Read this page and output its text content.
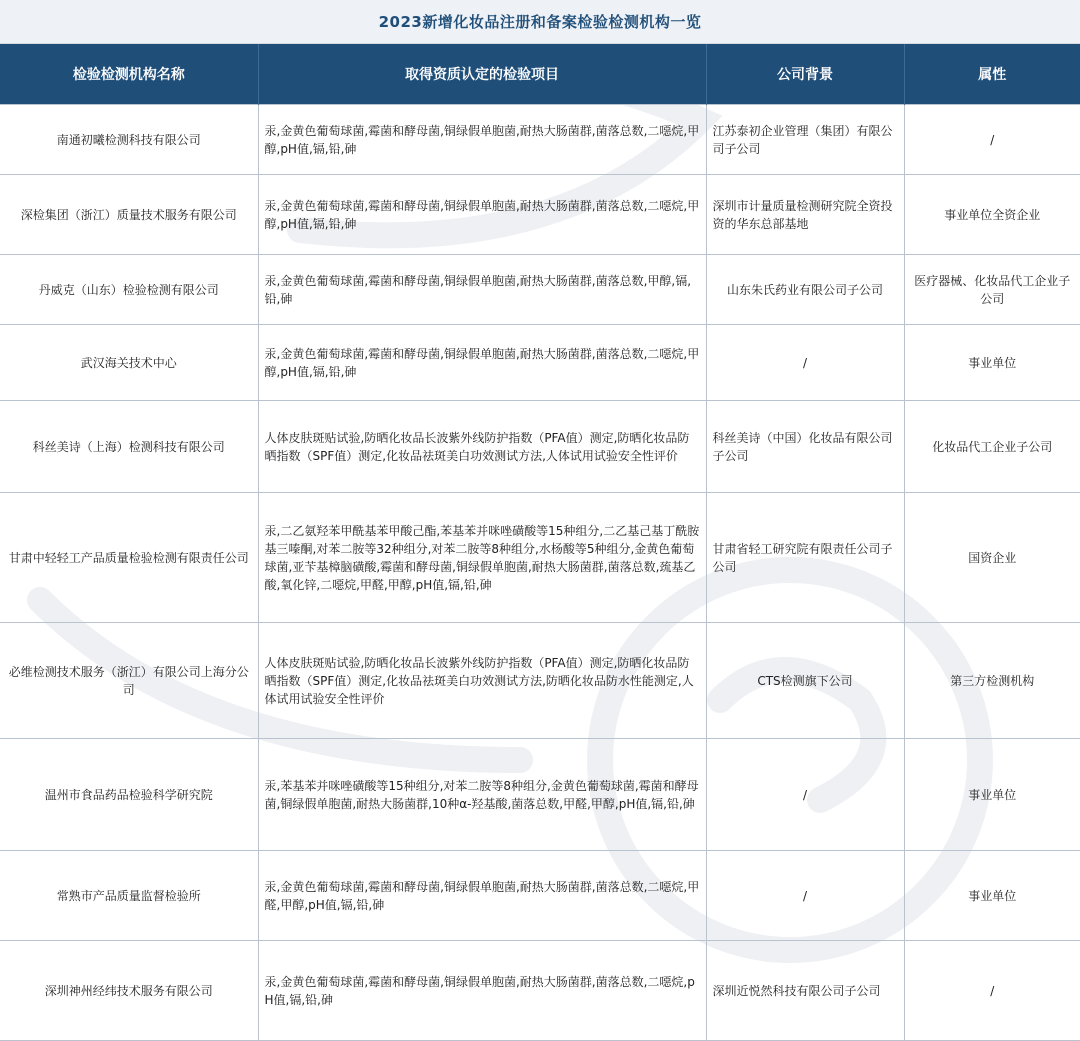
2023新增化妆品注册和备案检验检测机构一览
检验检测机构名称	取得资质认定的检验项目	公司背景	属性
南通初曦检测科技有限公司	汞,金黄色葡萄球菌,霉菌和酵母菌,铜绿假单胞菌,耐热大肠菌群,菌落总数,二噁烷,甲醇,pH值,镉,铅,砷	江苏泰初企业管理（集团）有限公司子公司	/
深检集团（浙江）质量技术服务有限公司	汞,金黄色葡萄球菌,霉菌和酵母菌,铜绿假单胞菌,耐热大肠菌群,菌落总数,二噁烷,甲醇,pH值,镉,铅,砷	深圳市计量质量检测研究院全资投资的华东总部基地	事业单位全资企业
丹威克（山东）检验检测有限公司	汞,金黄色葡萄球菌,霉菌和酵母菌,铜绿假单胞菌,耐热大肠菌群,菌落总数,甲醇,镉,铅,砷	山东朱氏药业有限公司子公司	医疗器械、化妆品代工企业子公司
武汉海关技术中心	汞,金黄色葡萄球菌,霉菌和酵母菌,铜绿假单胞菌,耐热大肠菌群,菌落总数,二噁烷,甲醇,pH值,镉,铅,砷	/	事业单位
科丝美诗（上海）检测科技有限公司	人体皮肤斑贴试验,防晒化妆品长波紫外线防护指数（PFA值）测定,防晒化妆品防晒指数（SPF值）测定,化妆品祛斑美白功效测试方法,人体试用试验安全性评价	科丝美诗（中国）化妆品有限公司子公司	化妆品代工企业子公司
甘肃中轻轻工产品质量检验检测有限责任公司	汞,二乙氨羟苯甲酰基苯甲酸己酯,苯基苯并咪唑磺酸等15种组分,二乙基己基丁酰胺基三嗪酮,对苯二胺等32种组分,对苯二胺等8种组分,水杨酸等5种组分,金黄色葡萄球菌,亚苄基樟脑磺酸,霉菌和酵母菌,铜绿假单胞菌,耐热大肠菌群,菌落总数,巯基乙酸,氧化锌,二噁烷,甲醛,甲醇,pH值,镉,铅,砷	甘肃省轻工研究院有限责任公司子公司	国资企业
必维检测技术服务（浙江）有限公司上海分公司	人体皮肤斑贴试验,防晒化妆品长波紫外线防护指数（PFA值）测定,防晒化妆品防晒指数（SPF值）测定,化妆品祛斑美白功效测试方法,防晒化妆品防水性能测定,人体试用试验安全性评价	CTS检测旗下公司	第三方检测机构
温州市食品药品检验科学研究院	汞,苯基苯并咪唑磺酸等15种组分,对苯二胺等8种组分,金黄色葡萄球菌,霉菌和酵母菌,铜绿假单胞菌,耐热大肠菌群,10种α-羟基酸,菌落总数,甲醛,甲醇,pH值,镉,铅,砷	/	事业单位
常熟市产品质量监督检验所	汞,金黄色葡萄球菌,霉菌和酵母菌,铜绿假单胞菌,耐热大肠菌群,菌落总数,二噁烷,甲醛,甲醇,pH值,镉,铅,砷	/	事业单位
深圳神州经纬技术服务有限公司	汞,金黄色葡萄球菌,霉菌和酵母菌,铜绿假单胞菌,耐热大肠菌群,菌落总数,二噁烷,pH值,镉,铅,砷	深圳近悦然科技有限公司子公司	/
